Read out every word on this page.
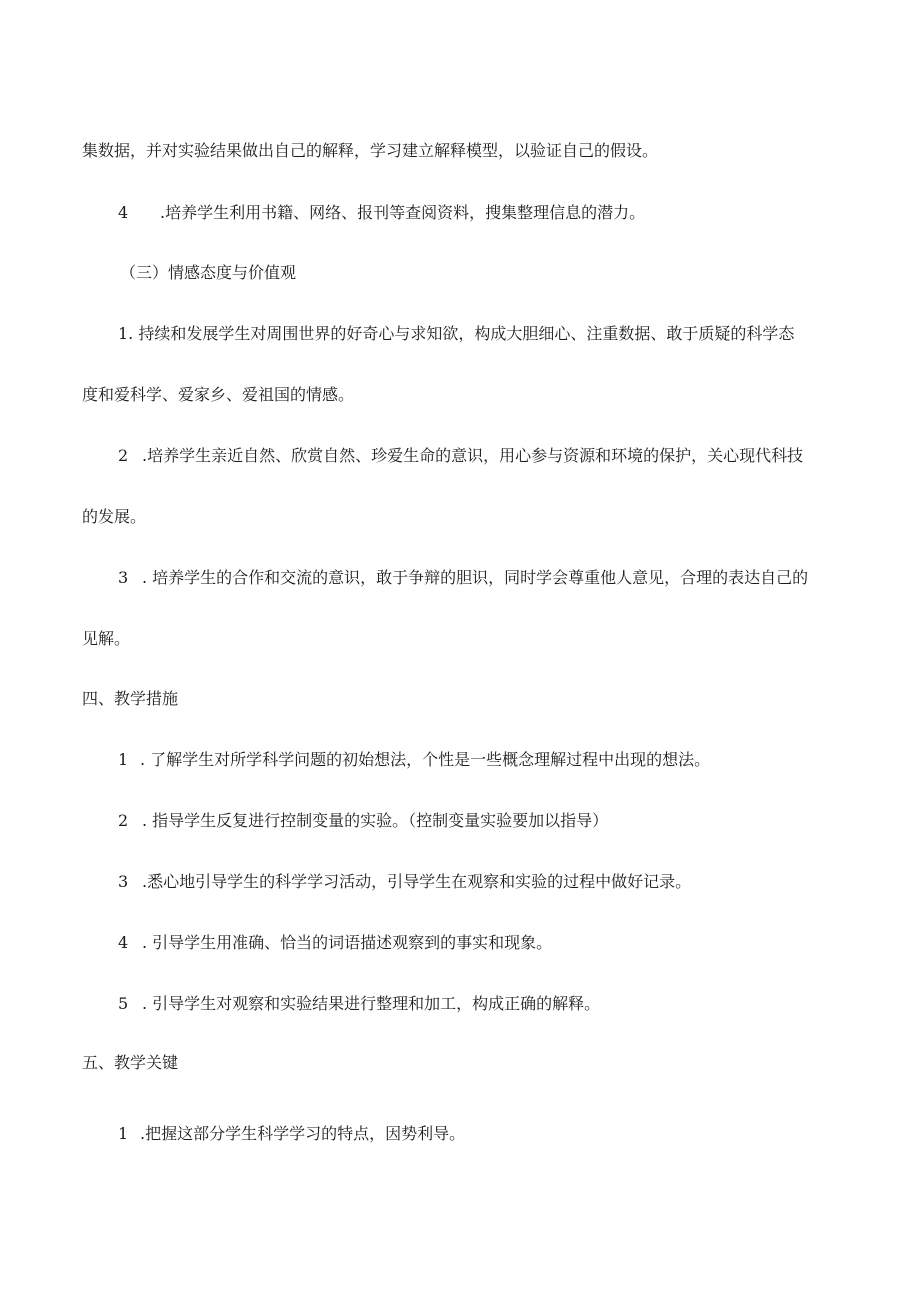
集数据，并对实验结果做出自己的解释，学习建立解释模型，以验证自己的假设。
4 .培养学生利用书籍、网络、报刊等查阅资料，搜集整理信息的潜力。
（三）情感态度与价值观
1. 持续和发展学生对周围世界的好奇心与求知欲，构成大胆细心、注重数据、敢于质疑的科学态
度和爱科学、爱家乡、爱祖国的情感。
2 .培养学生亲近自然、欣赏自然、珍爱生命的意识，用心参与资源和环境的保护，关心现代科技
的发展。
3 . 培养学生的合作和交流的意识，敢于争辩的胆识，同时学会尊重他人意见，合理的表达自己的
见解。
四、教学措施
1 . 了解学生对所学科学问题的初始想法，个性是一些概念理解过程中出现的想法。
2 . 指导学生反复进行控制变量的实验。（控制变量实验要加以指导）
3 .悉心地引导学生的科学学习活动，引导学生在观察和实验的过程中做好记录。
4 . 引导学生用准确、恰当的词语描述观察到的事实和现象。
5 . 引导学生对观察和实验结果进行整理和加工，构成正确的解释。
五、教学关键
1 .把握这部分学生科学学习的特点，因势利导。
